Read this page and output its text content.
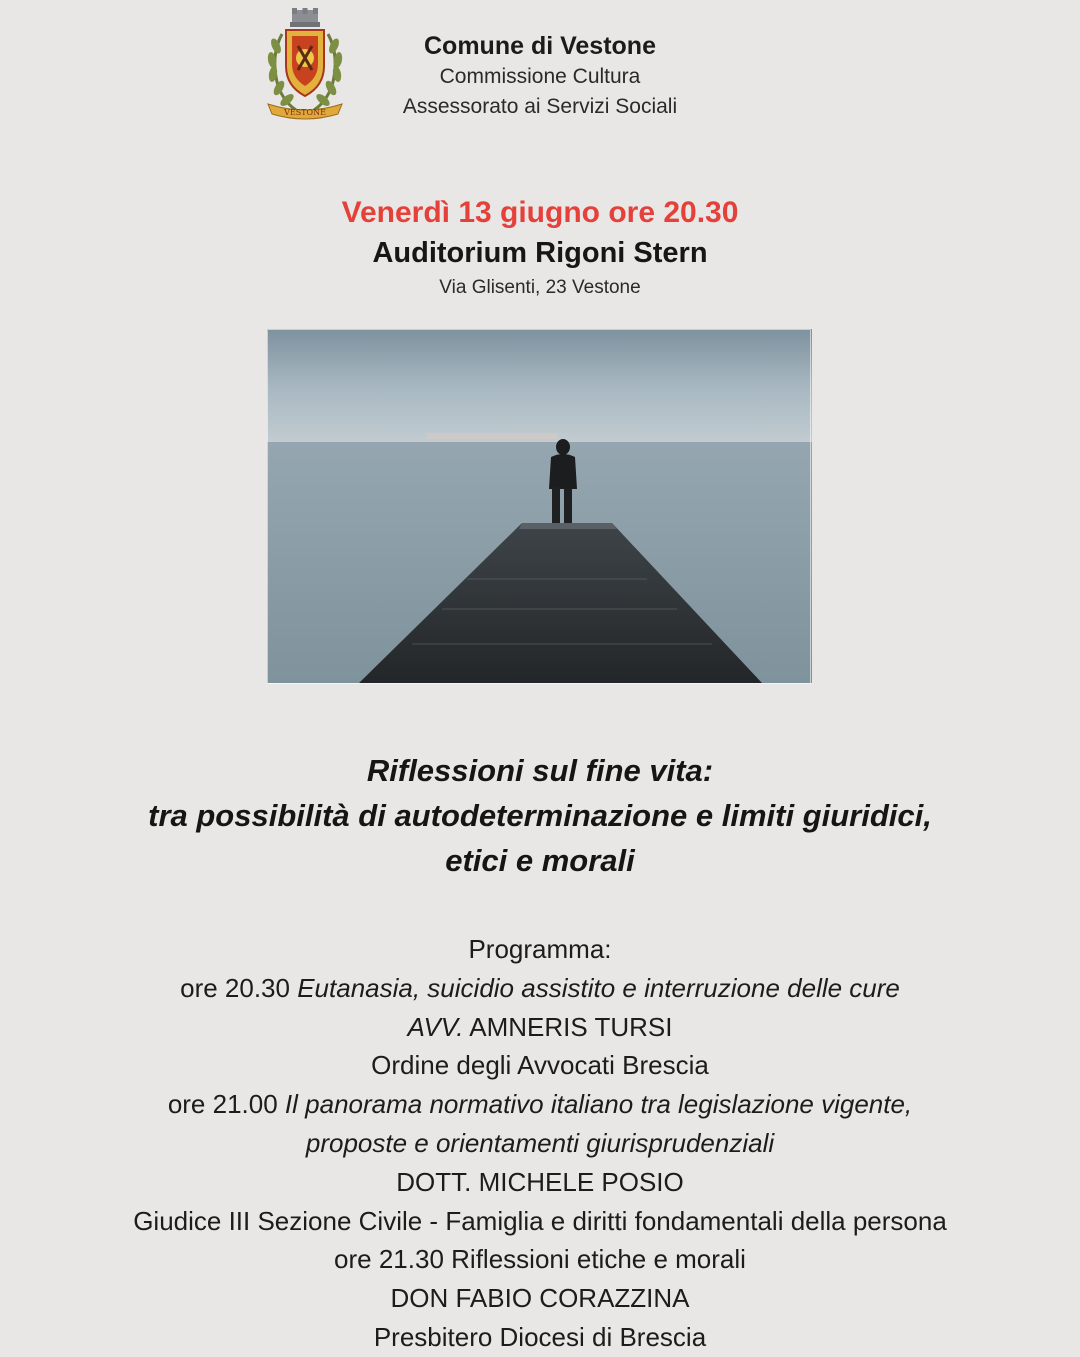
VESTONE
Comune di Vestone
Commissione Cultura
Assessorato ai Servizi Sociali
Venerdì 13 giugno ore 20.30
Auditorium Rigoni Stern
Via Glisenti, 23 Vestone
Riflessioni sul fine vita:
tra possibilità di autodeterminazione e limiti giuridici,
etici e morali
Programma:
ore 20.30 Eutanasia, suicidio assistito e interruzione delle cure
AVV. AMNERIS TURSI
Ordine degli Avvocati Brescia
ore 21.00 Il panorama normativo italiano tra legislazione vigente,
proposte e orientamenti giurisprudenziali
DOTT. MICHELE POSIO
Giudice III Sezione Civile - Famiglia e diritti fondamentali della persona
ore 21.30 Riflessioni etiche e morali
DON FABIO CORAZZINA
Presbitero Diocesi di Brescia
